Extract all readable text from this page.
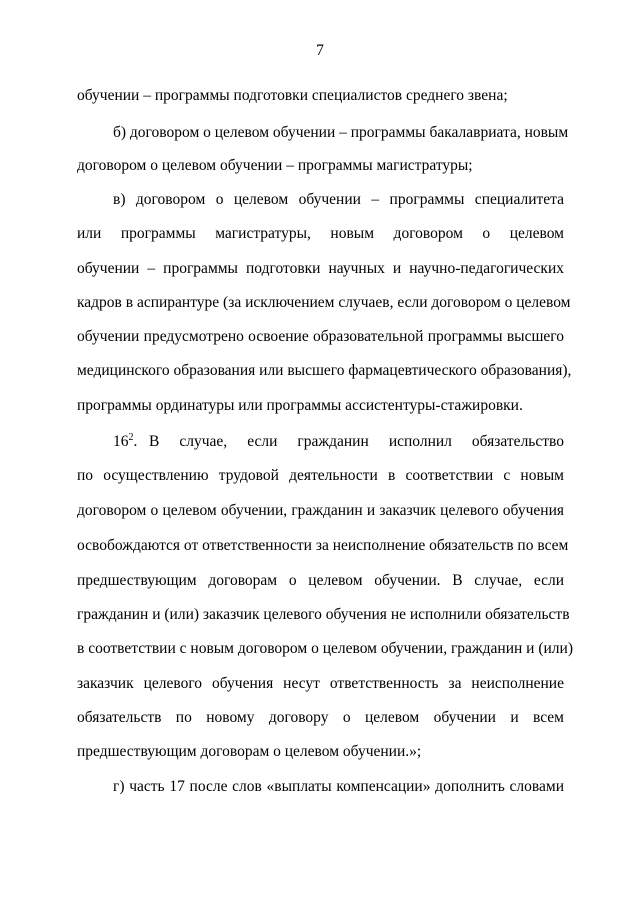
7
обучении – программы подготовки специалистов среднего звена;
б) договором о целевом обучении – программы бакалавриата, новым
договором о целевом обучении – программы магистратуры;
в) договором о целевом обучении – программы специалитета
или программы магистратуры, новым договором о целевом
обучении – программы подготовки научных и научно-педагогических
кадров в аспирантуре (за исключением случаев, если договором о целевом
обучении предусмотрено освоение образовательной программы высшего
медицинского образования или высшего фармацевтического образования),
программы ординатуры или программы ассистентуры-стажировки.
$16^2$. В случае, если гражданин исполнил обязательство
по осуществлению трудовой деятельности в соответствии с новым
договором о целевом обучении, гражданин и заказчик целевого обучения
освобождаются от ответственности за неисполнение обязательств по всем
предшествующим договорам о целевом обучении. В случае, если
гражданин и (или) заказчик целевого обучения не исполнили обязательств
в соответствии с новым договором о целевом обучении, гражданин и (или)
заказчик целевого обучения несут ответственность за неисполнение
обязательств по новому договору о целевом обучении и всем
предшествующим договорам о целевом обучении.»;
г) часть 17 после слов «выплаты компенсации» дополнить словами
